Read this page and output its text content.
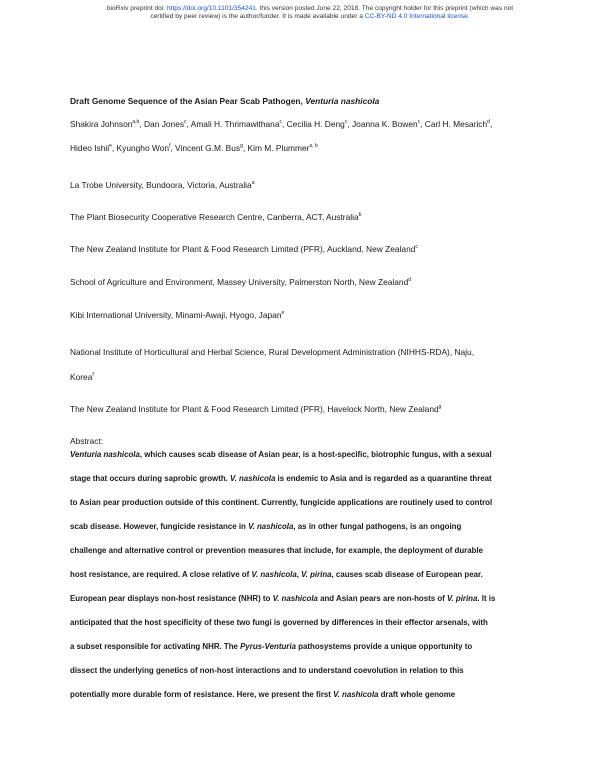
bioRxiv preprint doi: https://doi.org/10.1101/354241. this version posted June 22, 2018. The copyright holder for this preprint (which was not
certified by peer review) is the author/funder. It is made available under a CC-BY-ND 4.0 International license.
Draft Genome Sequence of the Asian Pear Scab Pathogen, Venturia nashicola
Shakira Johnson$^{a,b}$, Dan Jones$^c$, Amali H. Thrimawithana$^c$, Cecilia H. Deng$^c$, Joanna K. Bowen$^c$, Carl H. Mesarich$^d$,
Hideo Ishii$^e$, Kyungho Won$^f$, Vincent G.M. Bus$^g$, Kim M. Plummer$^{a, b}$
La Trobe University, Bundoora, Victoria, Australia$^a$
The Plant Biosecurity Cooperative Research Centre, Canberra, ACT, Australia$^b$
The New Zealand Institute for Plant & Food Research Limited (PFR), Auckland, New Zealand$^c$
School of Agriculture and Environment, Massey University, Palmerston North, New Zealand$^d$
Kibi International University, Minami-Awaji, Hyogo, Japan$^e$
National Institute of Horticultural and Herbal Science, Rural Development Administration (NIHHS-RDA), Naju,
Korea$^f$
The New Zealand Institute for Plant & Food Research Limited (PFR), Havelock North, New Zealand$^g$
Abstract:
Venturia nashicola, which causes scab disease of Asian pear, is a host-specific, biotrophic fungus, with a sexual
stage that occurs during saprobic growth. V. nashicola is endemic to Asia and is regarded as a quarantine threat
to Asian pear production outside of this continent. Currently, fungicide applications are routinely used to control
scab disease. However, fungicide resistance in V. nashicola, as in other fungal pathogens, is an ongoing
challenge and alternative control or prevention measures that include, for example, the deployment of durable
host resistance, are required. A close relative of V. nashicola, V. pirina, causes scab disease of European pear.
European pear displays non-host resistance (NHR) to V. nashicola and Asian pears are non-hosts of V. pirina. It is
anticipated that the host specificity of these two fungi is governed by differences in their effector arsenals, with
a subset responsible for activating NHR. The Pyrus-Venturia pathosystems provide a unique opportunity to
dissect the underlying genetics of non-host interactions and to understand coevolution in relation to this
potentially more durable form of resistance. Here, we present the first V. nashicola draft whole genome
